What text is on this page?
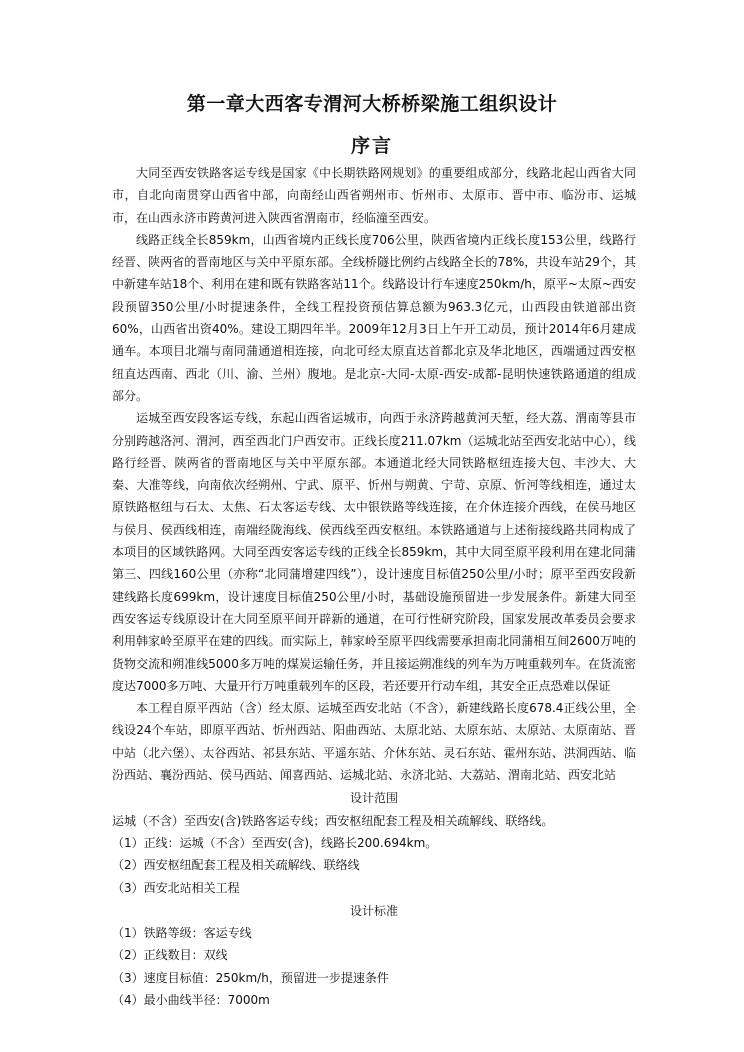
第一章大西客专渭河大桥桥梁施工组织设计
序言

大同至西安铁路客运专线是国家《中长期铁路网规划》的重要组成部分，线路北起山西省大同市，自北向南贯穿山西省中部，向南经山西省朔州市、忻州市、太原市、晋中市、临汾市、运城市，在山西永济市跨黄河进入陕西省渭南市，经临潼至西安。

线路正线全长859km，山西省境内正线长度706公里，陕西省境内正线长度153公里，线路行经晋、陕两省的晋南地区与关中平原东部。全线桥隧比例约占线路全长的78%，共设车站29个，其中新建车站18个、利用在建和既有铁路客站11个。线路设计行车速度250km/h，原平~太原~西安段预留350公里/小时提速条件，全线工程投资预估算总额为963.3亿元，山西段由铁道部出资60%，山西省出资40%。建设工期四年半。2009年12月3日上午开工动员，预计2014年6月建成通车。本项目北端与南同蒲通道相连接，向北可经太原直达首都北京及华北地区，西端通过西安枢纽直达西南、西北（川、渝、兰州）腹地。是北京-大同-太原-西安-成都-昆明快速铁路通道的组成部分。

运城至西安段客运专线，东起山西省运城市，向西于永济跨越黄河天堑，经大荔、渭南等县市分别跨越洛河、渭河，西至西北门户西安市。正线长度211.07km（运城北站至西安北站中心），线路行经晋、陕两省的晋南地区与关中平原东部。本通道北经大同铁路枢纽连接大包、丰沙大、大秦、大准等线，向南依次经朔州、宁武、原平、忻州与朔黄、宁苛、京原、忻河等线相连，通过太原铁路枢纽与石太、太焦、石太客运专线、太中银铁路等线连接，在介休连接介西线，在侯马地区与侯月、侯西线相连，南端经陇海线、侯西线至西安枢纽。本铁路通道与上述衔接线路共同构成了本项目的区域铁路网。大同至西安客运专线的正线全长859km，其中大同至原平段利用在建北同蒲第三、四线160公里（亦称“北同蒲增建四线”），设计速度目标值250公里/小时；原平至西安段新建线路长度699km，设计速度目标值250公里/小时，基础设施预留进一步发展条件。新建大同至西安客运专线原设计在大同至原平间开辟新的通道，在可行性研究阶段，国家发展改革委员会要求利用韩家岭至原平在建的四线。而实际上，韩家岭至原平四线需要承担南北同蒲相互间2600万吨的货物交流和朔准线5000多万吨的煤炭运输任务，并且接运朔准线的列车为万吨重载列车。在货流密度达7000多万吨、大量开行万吨重载列车的区段，若还要开行动车组，其安全正点恐难以保证

本工程自原平西站（含）经太原、运城至西安北站（不含），新建线路长度678.4正线公里，全线设24个车站，即原平西站、忻州西站、阳曲西站、太原北站、太原东站、太原站、太原南站、晋中站（北六堡）、太谷西站、祁县东站、平遥东站、介休东站、灵石东站、霍州东站、洪洞西站、临汾西站、襄汾西站、侯马西站、闻喜西站、运城北站、永济北站、大荔站、渭南北站、西安北站

设计范围
运城（不含）至西安(含)铁路客运专线；西安枢纽配套工程及相关疏解线、联络线。
（1）正线：运城（不含）至西安(含)，线路长200.694km。
（2）西安枢纽配套工程及相关疏解线、联络线
（3）西安北站相关工程
设计标准
（1）铁路等级：客运专线
（2）正线数目：双线
（3）速度目标值：250km/h，预留进一步提速条件
（4）最小曲线半径：7000m
